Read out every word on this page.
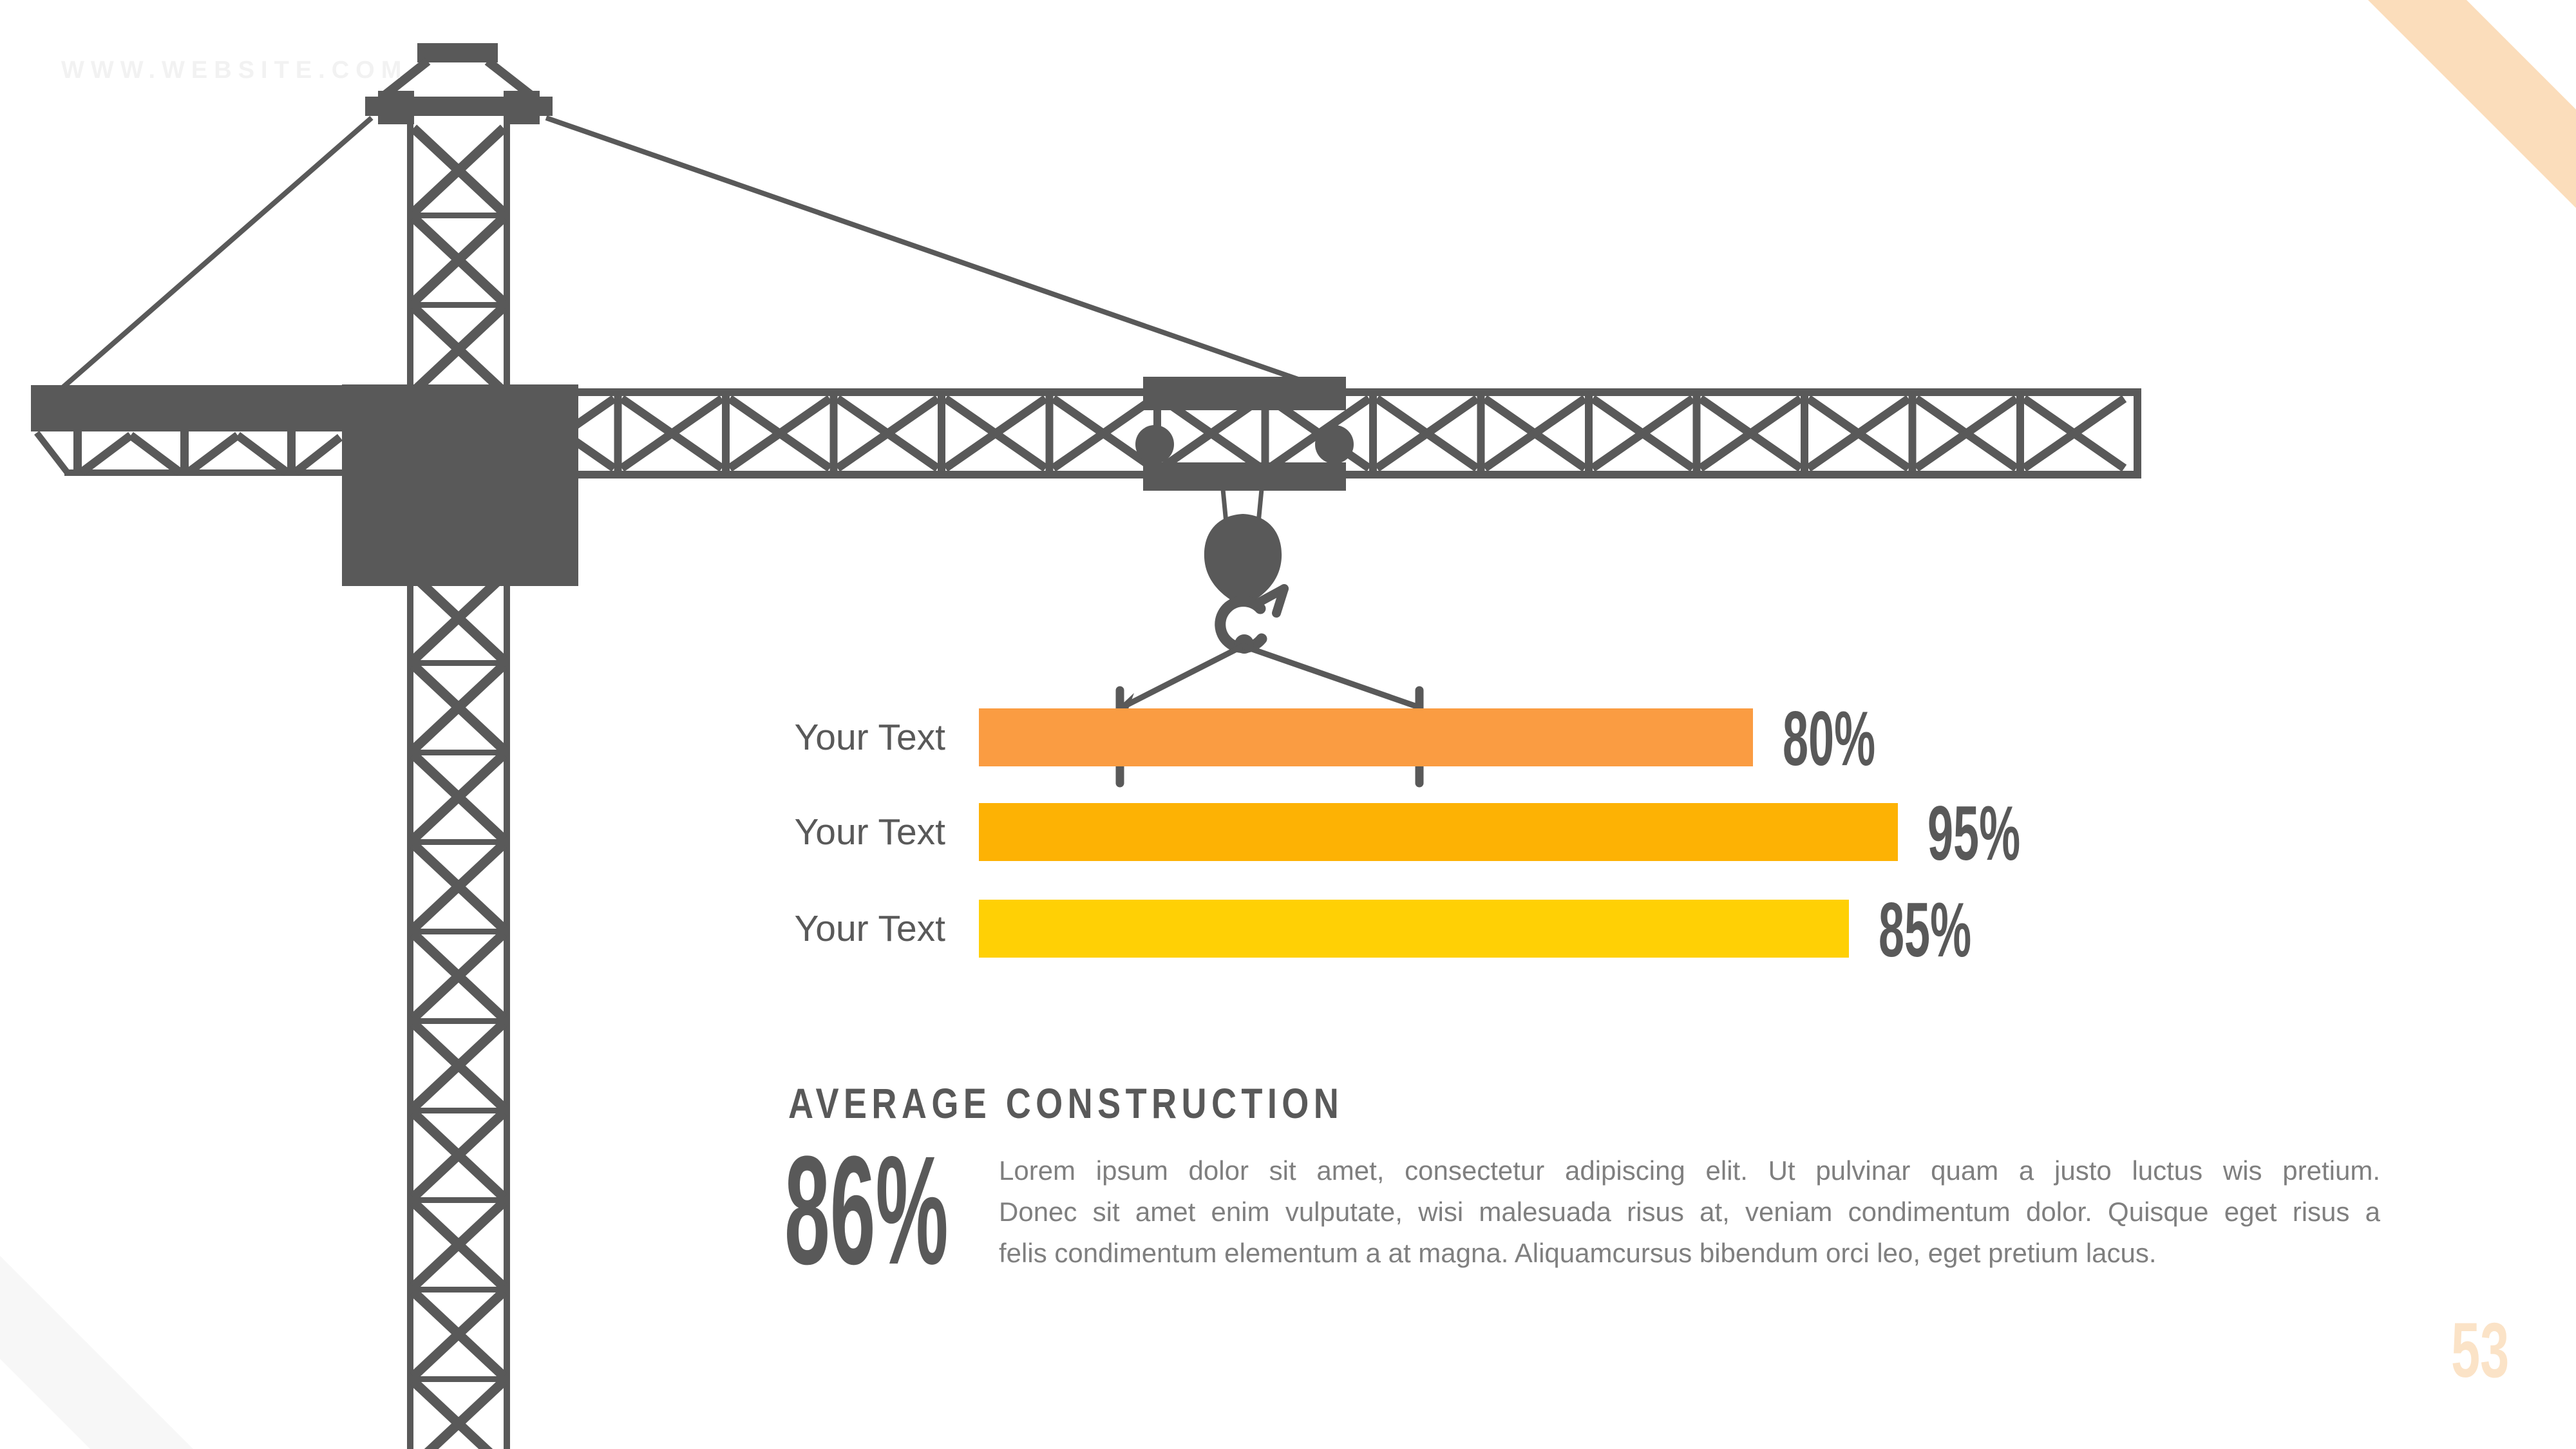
WWW.WEBSITE.COM
Your Text	80%
Your Text	95%
Your Text	85%
AVERAGE CONSTRUCTION
86% Lorem ipsum dolor sit amet, consectetur adipiscing elit. Ut pulvinar quam a justo luctus wis pretium.
Donec sit amet enim vulputate, wisi malesuada risus at, veniam condimentum dolor. Quisque eget risus a
felis condimentum elementum a at magna. Aliquamcursus bibendum orci leo, eget pretium lacus.
53
